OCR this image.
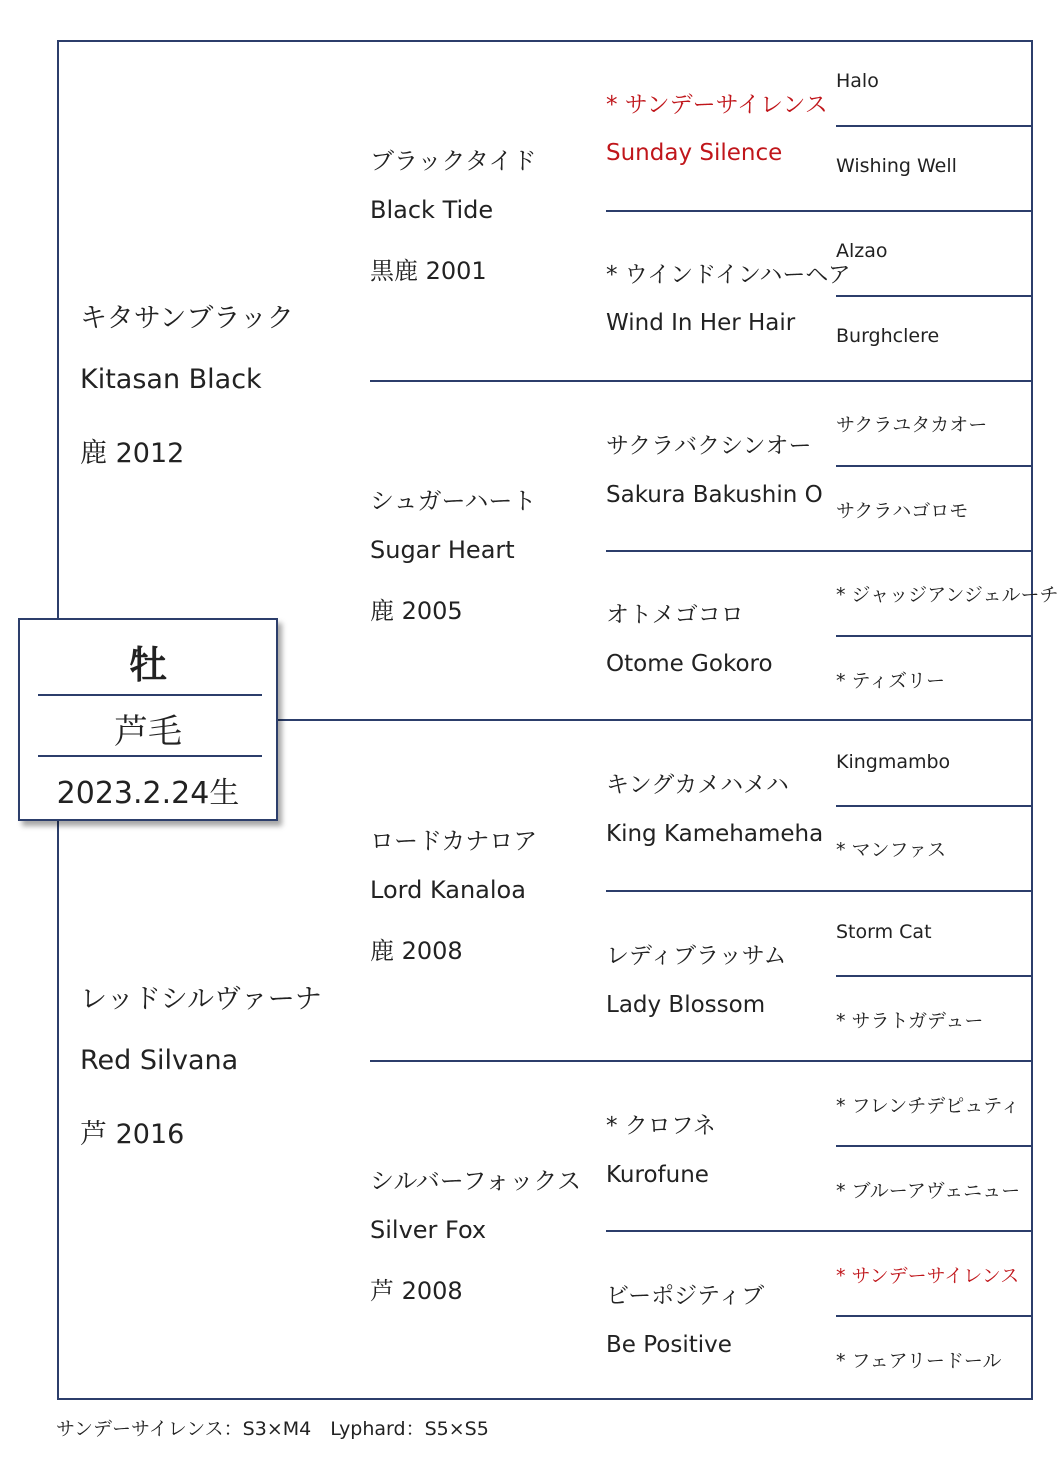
キタサンブラック
Kitasan Black
鹿 2012
レッドシルヴァーナ
Red Silvana
芦 2016
ブラックタイド
Black Tide
黒鹿 2001
シュガーハート
Sugar Heart
鹿 2005
ロードカナロア
Lord Kanaloa
鹿 2008
シルバーフォックス
Silver Fox
芦 2008
* サンデーサイレンス
Sunday Silence
* ウインドインハーヘア
Wind In Her Hair
サクラバクシンオー
Sakura Bakushin O
オトメゴコロ
Otome Gokoro
キングカメハメハ
King Kamehameha
レディブラッサム
Lady Blossom
* クロフネ
Kurofune
ビーポジティブ
Be Positive
Halo
Wishing Well
Alzao
Burghclere
サクラユタカオー
サクラハゴロモ
* ジャッジアンジェルーチ
* ティズリー
Kingmambo
* マンファス
Storm Cat
* サラトガデュー
* フレンチデピュティ
* ブルーアヴェニュー
* サンデーサイレンス
* フェアリードール
牡
芦毛
2023.2.24生
サンデーサイレンス：S3×M4　Lyphard：S5×S5
